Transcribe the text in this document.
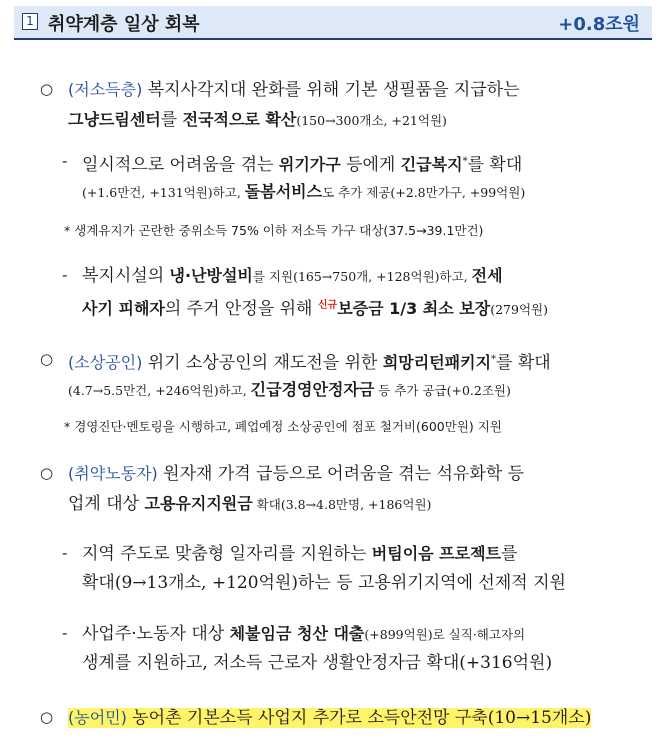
1 취약계층 일상 회복	+0.8조원
○ (저소득층) 복지사각지대 완화를 위해 기본 생필품을 지급하는

그냥드림센터를 전국적으로 확산(150→300개소, +21억원)

- 일시적으로 어려움을 겪는 위기가구 등에게 긴급복지*를 확대

(+1.6만건, +131억원)하고, 돌봄서비스도 추가 제공(+2.8만가구, +99억원)

* 생계유지가 곤란한 중위소득 75% 이하 저소득 가구 대상(37.5→39.1만건)

- 복지시설의 냉·난방설비를 지원(165→750개, +128억원)하고, 전세

사기 피해자의 주거 안정을 위해 $^{신규}$보증금 1/3 최소 보장(279억원)

○ (소상공인) 위기 소상공인의 재도전을 위한 희망리턴패키지*를 확대

(4.7→5.5만건, +246억원)하고, 긴급경영안정자금 등 추가 공급(+0.2조원)

* 경영진단·멘토링을 시행하고, 폐업예정 소상공인에 점포 철거비(600만원) 지원

○ (취약노동자) 원자재 가격 급등으로 어려움을 겪는 석유화학 등

업계 대상 고용유지지원금 확대(3.8→4.8만명, +186억원)

- 지역 주도로 맞춤형 일자리를 지원하는 버팀이음 프로젝트를

확대(9→13개소, +120억원)하는 등 고용위기지역에 선제적 지원

- 사업주·노동자 대상 체불임금 청산 대출(+899억원)로 실직·해고자의

생계를 지원하고, 저소득 근로자 생활안정자금 확대(+316억원)

○ (농어민) 농어촌 기본소득 사업지 추가로 소득안전망 구축(10→15개소)
